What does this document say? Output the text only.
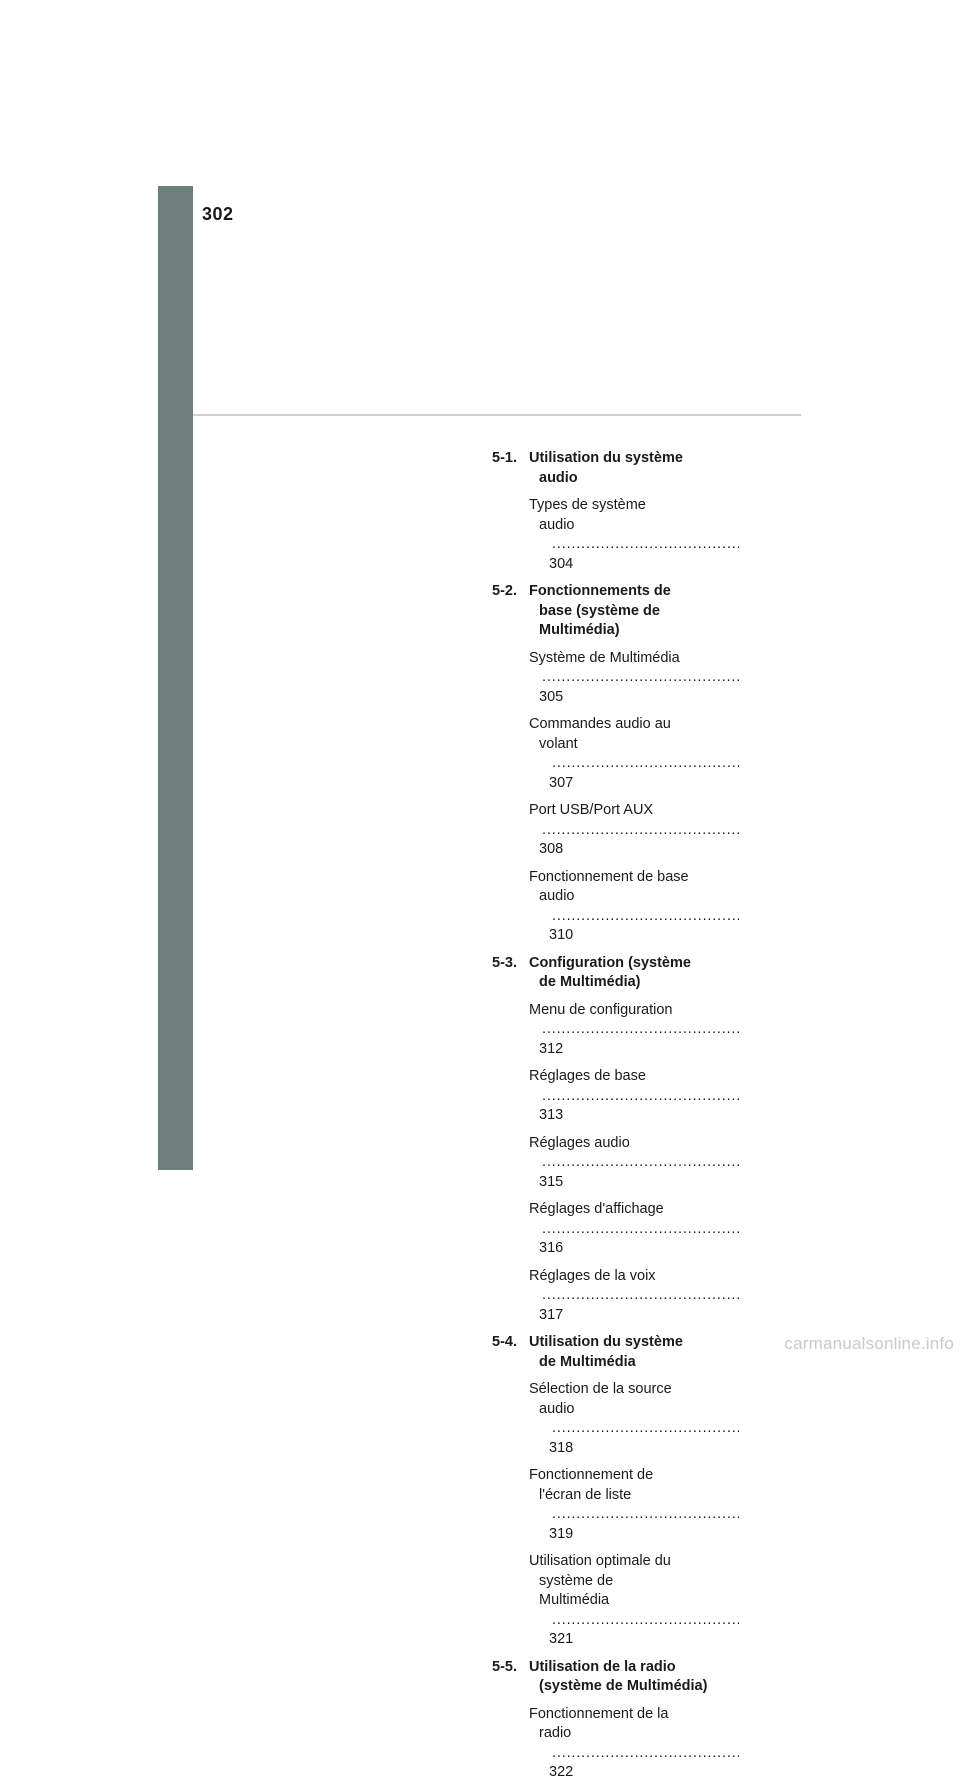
302
5-1. Utilisation du système
audio
Types de système
audio
. . .
304
5-2. Fonctionnements de
base (système de
Multimédia)
Système de Multimédia
. . .
305
Commandes audio au
volant
. . .
307
Port USB/Port AUX
. . .
308
Fonctionnement de base
audio
. . .
310
5-3. Configuration (système
de Multimédia)
Menu de configuration
. . .
312
Réglages de base
. . .
313
Réglages audio
. . .
315
Réglages d'affichage
. . .
316
Réglages de la voix
. . .
317
5-4. Utilisation du système
de Multimédia
Sélection de la source
audio
. . .
318
Fonctionnement de
l'écran de liste
. . .
319
Utilisation optimale du
système de
Multimédia
. . .
321
5-5. Utilisation de la radio
(système de Multimédia)
Fonctionnement de la
radio
. . .
322
carmanualsonline.info
